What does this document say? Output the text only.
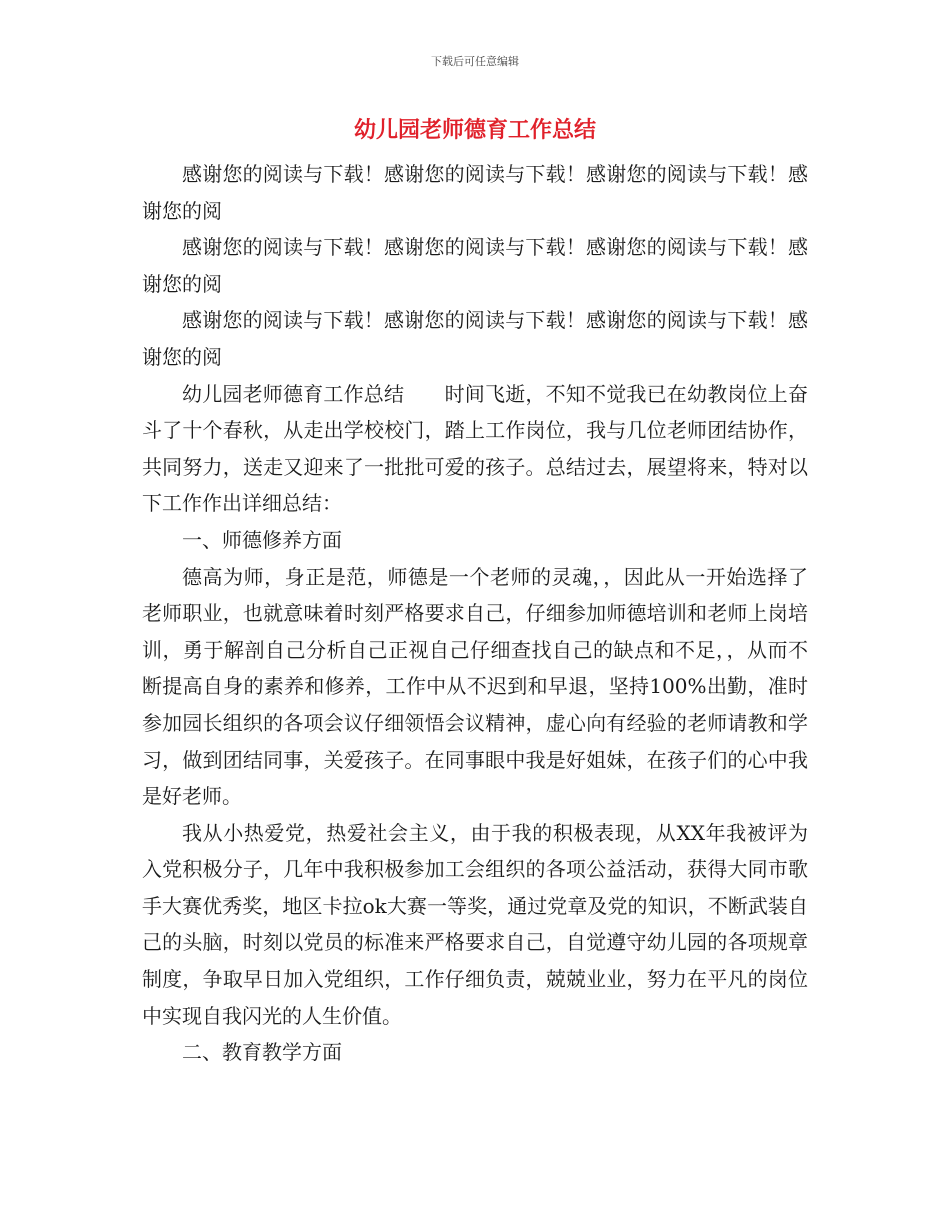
下载后可任意编辑
幼儿园老师德育工作总结

感谢您的阅读与下载！感谢您的阅读与下载！感谢您的阅读与下载！感谢您的阅

感谢您的阅读与下载！感谢您的阅读与下载！感谢您的阅读与下载！感谢您的阅

感谢您的阅读与下载！感谢您的阅读与下载！感谢您的阅读与下载！感谢您的阅

幼儿园老师德育工作总结　　时间飞逝，不知不觉我已在幼教岗位上奋斗了十个春秋，从走出学校校门，踏上工作岗位，我与几位老师团结协作，共同努力，送走又迎来了一批批可爱的孩子。总结过去，展望将来，特对以下工作作出详细总结：

一、师德修养方面

德高为师，身正是范，师德是一个老师的灵魂，，因此从一开始选择了老师职业，也就意味着时刻严格要求自己，仔细参加师德培训和老师上岗培训，勇于解剖自己分析自己正视自己仔细查找自己的缺点和不足，，从而不断提高自身的素养和修养，工作中从不迟到和早退，坚持100%出勤，准时参加园长组织的各项会议仔细领悟会议精神，虚心向有经验的老师请教和学习，做到团结同事，关爱孩子。在同事眼中我是好姐妹，在孩子们的心中我是好老师。

我从小热爱党，热爱社会主义，由于我的积极表现，从XX年我被评为入党积极分子，几年中我积极参加工会组织的各项公益活动，获得大同市歌手大赛优秀奖，地区卡拉ok大赛一等奖，通过党章及党的知识，不断武装自己的头脑，时刻以党员的标准来严格要求自己，自觉遵守幼儿园的各项规章制度，争取早日加入党组织，工作仔细负责，兢兢业业，努力在平凡的岗位中实现自我闪光的人生价值。

二、教育教学方面
